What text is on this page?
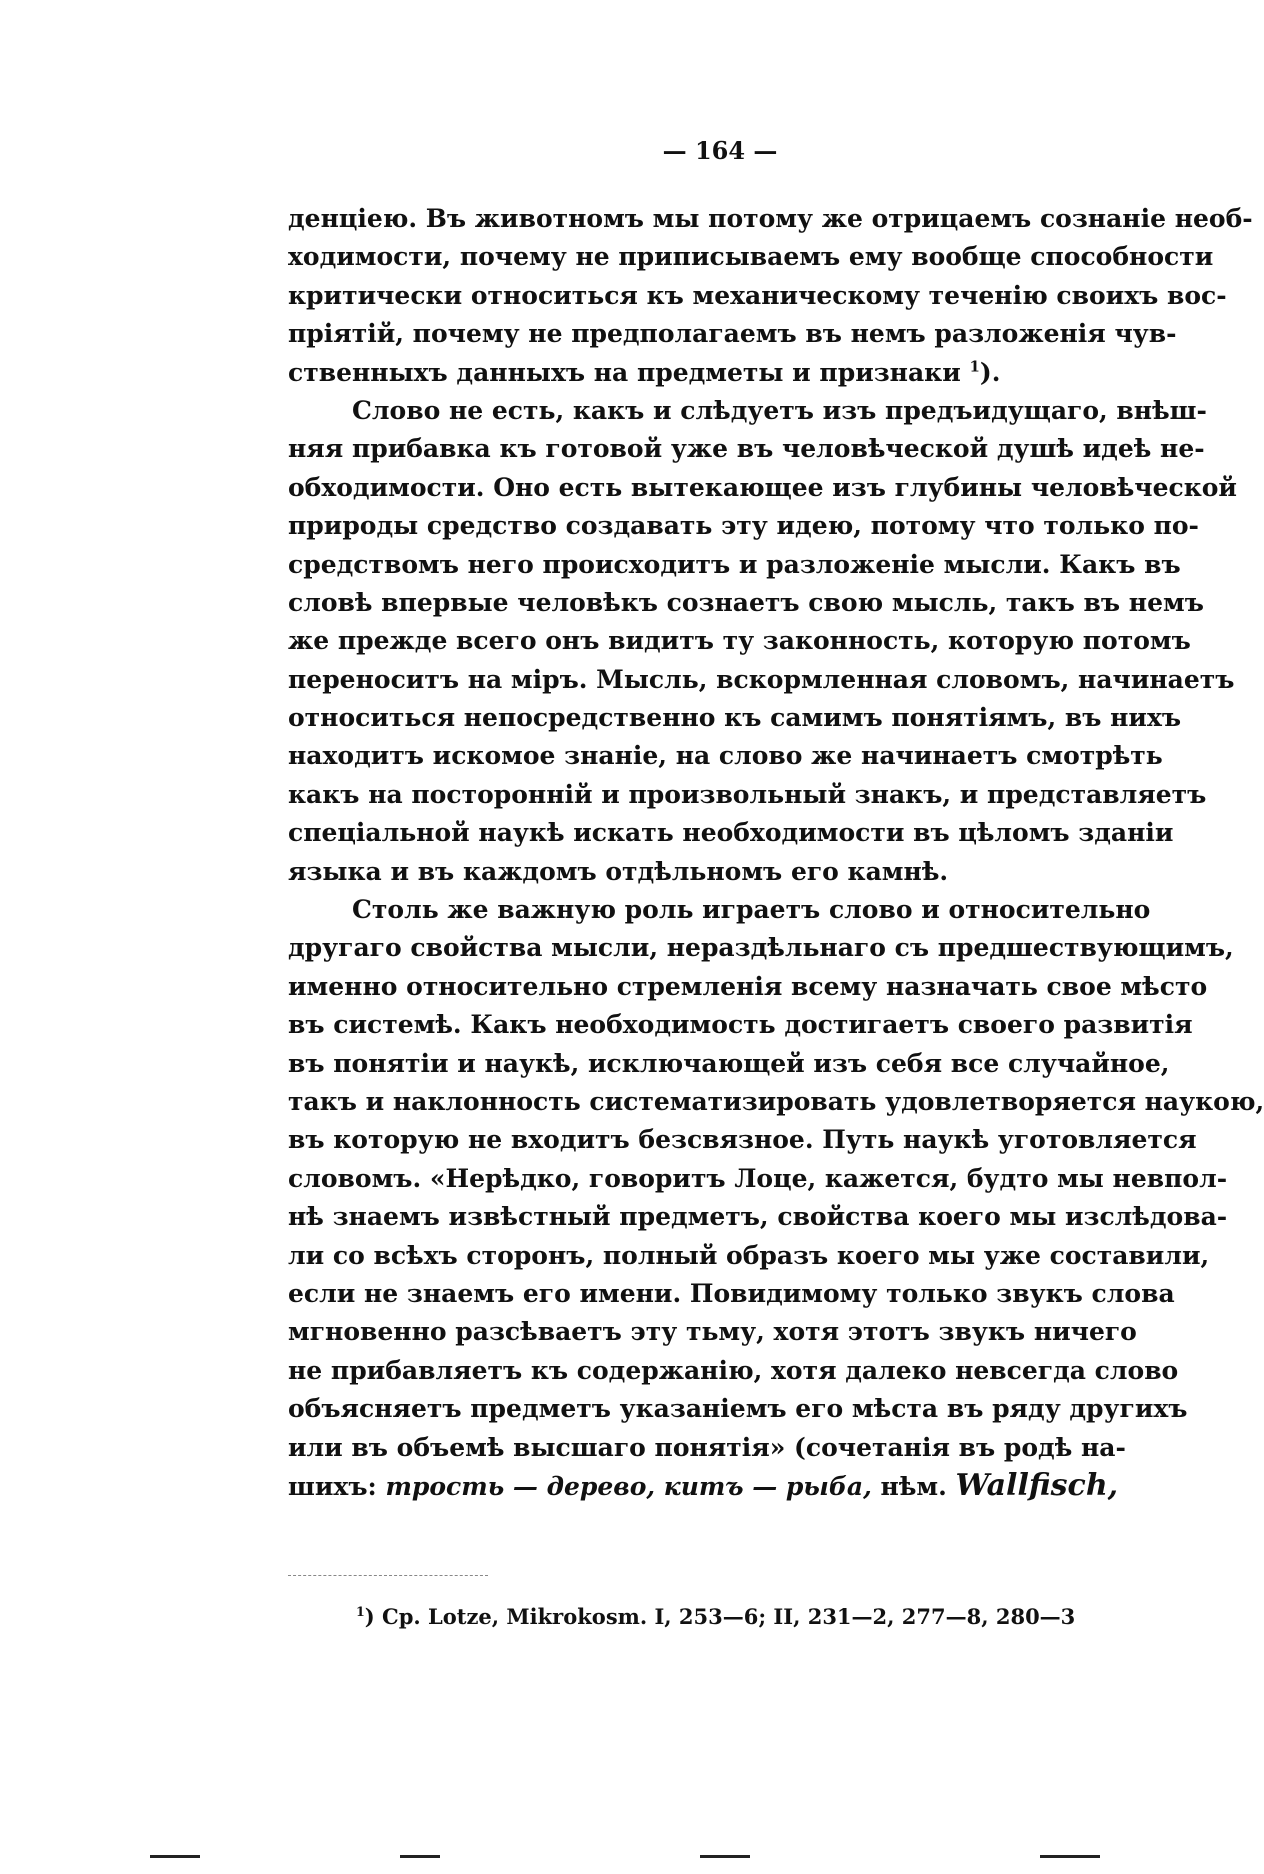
— 164 —
денціею. Въ животномъ мы потому же отрицаемъ сознаніе необ-
ходимости, почему не приписываемъ ему вообще способности
критически относиться къ механическому теченію своихъ вос-
пріятій, почему не предполагаемъ въ немъ разложенія чув-
ственныхъ данныхъ на предметы и признаки $^1$).
Слово не есть, какъ и слѣдуетъ изъ предъидущаго, внѣш-
няя прибавка къ готовой уже въ человѣческой душѣ идеѣ не-
обходимости. Оно есть вытекающее изъ глубины человѣческой
природы средство создавать эту идею, потому что только по-
средствомъ него происходитъ и разложеніе мысли. Какъ въ
словѣ впервые человѣкъ сознаетъ свою мысль, такъ въ немъ
же прежде всего онъ видитъ ту законность, которую потомъ
переноситъ на міръ. Мысль, вскормленная словомъ, начинаетъ
относиться непосредственно къ самимъ понятіямъ, въ нихъ
находитъ искомое знаніе, на слово же начинаетъ смотрѣть
какъ на посторонній и произвольный знакъ, и представляетъ
спеціальной наукѣ искать необходимости въ цѣломъ зданіи
языка и въ каждомъ отдѣльномъ его камнѣ.
Столь же важную роль играетъ слово и относительно
другаго свойства мысли, нераздѣльнаго съ предшествующимъ,
именно относительно стремленія всему назначать свое мѣсто
въ системѣ. Какъ необходимость достигаетъ своего развитія
въ понятіи и наукѣ, исключающей изъ себя все случайное,
такъ и наклонность систематизировать удовлетворяется наукою,
въ которую не входитъ безсвязное. Путь наукѣ уготовляется
словомъ. «Нерѣдко, говоритъ Лоце, кажется, будто мы невпол-
нѣ знаемъ извѣстный предметъ, свойства коего мы изслѣдова-
ли со всѣхъ сторонъ, полный образъ коего мы уже составили,
если не знаемъ его имени. Повидимому только звукъ слова
мгновенно разсѣваетъ эту тьму, хотя этотъ звукъ ничего
не прибавляетъ къ содержанію, хотя далеко невсегда слово
объясняетъ предметъ указаніемъ его мѣста въ ряду другихъ
или въ объемѣ высшаго понятія» (сочетанія въ родѣ на-
шихъ: трость — дерево, китъ — рыба, нѣм. Wallfisch,
$^1$) Cp. Lotze, Mikrokosm. I, 253—6; II, 231—2, 277—8, 280—3
